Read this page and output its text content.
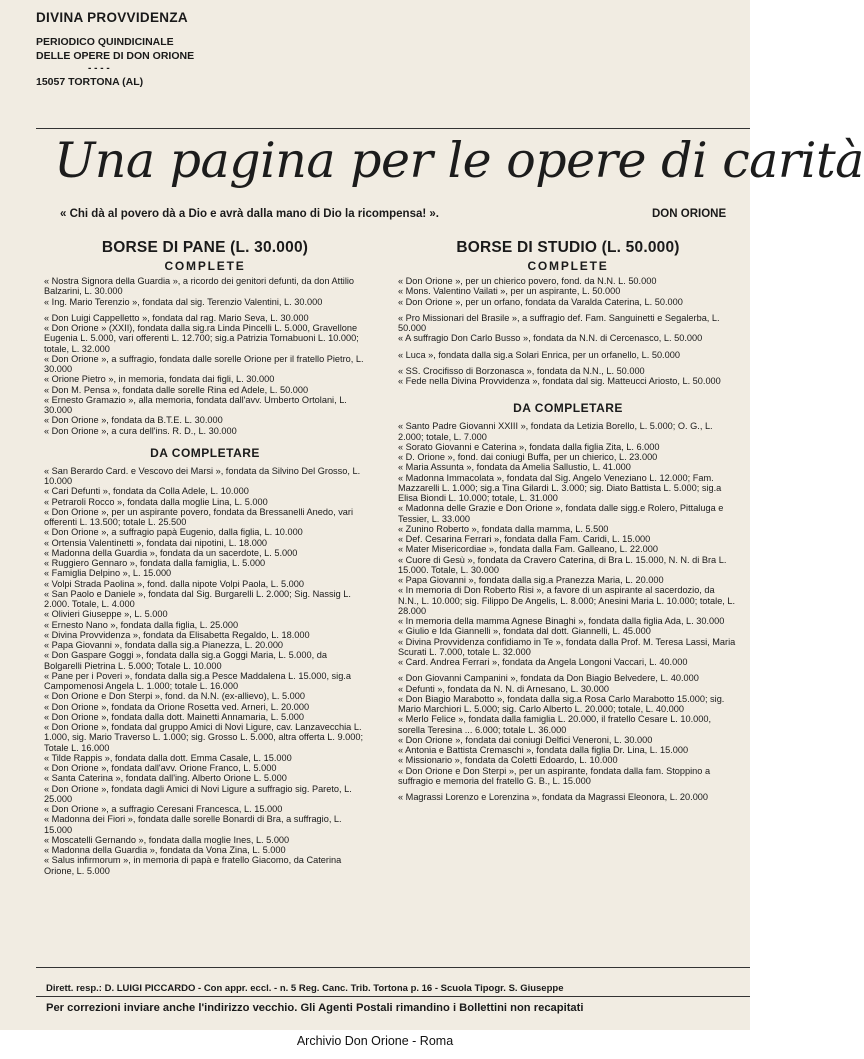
DIVINA PROVVIDENZA
PERIODICO QUINDICINALE
DELLE OPERE DI DON ORIONE
- - - -
15057 TORTONA (AL)
Una pagina per le opere di carità
« Chi dà al povero dà a Dio e avrà dalla mano di Dio la ricompensa! ».	DON ORIONE
BORSE DI PANE (L. 30.000)
COMPLETE
« Nostra Signora della Guardia », a ricordo dei genitori defunti, da don Attilio Balzarini, L. 30.000
« Ing. Mario Terenzio », fondata dal sig. Terenzio Valentini, L. 30.000
« Don Luigi Cappelletto », fondata dal rag. Mario Seva, L. 30.000
« Don Orione » (XXII), fondata dalla sig.ra Linda Pincelli L. 5.000, Gravellone Eugenia L. 5.000, vari offerenti L. 12.700; sig.a Patrizia Tornabuoni L. 10.000; totale, L. 32.000
« Don Orione », a suffragio, fondata dalle sorelle Orione per il fratello Pietro, L. 30.000
« Orione Pietro », in memoria, fondata dai figli, L. 30.000
« Don M. Pensa », fondata dalle sorelle Rina ed Adele, L. 50.000
« Ernesto Gramazio », alla memoria, fondata dall'avv. Umberto Ortolani, L. 30.000
« Don Orione », fondata da B.T.E. L. 30.000
« Don Orione », a cura dell'ins. R. D., L. 30.000
DA COMPLETARE
« San Berardo Card. e Vescovo dei Marsi », fondata da Silvino Del Grosso, L. 10.000
« Cari Defunti », fondata da Colla Adele, L. 10.000
« Petraroli Rocco », fondata dalla moglie Lina, L. 5.000
« Don Orione », per un aspirante povero, fondata da Bressanelli Anedo, vari offerenti L. 13.500; totale L. 25.500
« Don Orione », a suffragio papà Eugenio, dalla figlia, L. 10.000
« Ortensia Valentinetti », fondata dai nipotini, L. 18.000
« Madonna della Guardia », fondata da un sacerdote, L. 5.000
« Ruggiero Gennaro », fondata dalla famiglia, L. 5.000
« Famiglia Delpino », L. 15.000
« Volpi Strada Paolina », fond. dalla nipote Volpi Paola, L. 5.000
« San Paolo e Daniele », fondata dal Sig. Burgarelli L. 2.000; Sig. Nassig L. 2.000. Totale, L. 4.000
« Olivieri Giuseppe », L. 5.000
« Ernesto Nano », fondata dalla figlia, L. 25.000
« Divina Provvidenza », fondata da Elisabetta Regaldo, L. 18.000
« Papa Giovanni », fondata dalla sig.a Pianezza, L. 20.000
« Don Gaspare Goggi », fondata dalla sig.a Goggi Maria, L. 5.000, da Bolgarelli Pietrina L. 5.000; Totale L. 10.000
« Pane per i Poveri », fondata dalla sig.a Pesce Maddalena L. 15.000, sig.a Campomenosi Angela L. 1.000; totale L. 16.000
« Don Orione e Don Sterpi », fond. da N.N. (ex-allievo), L. 5.000
« Don Orione », fondata da Orione Rosetta ved. Arneri, L. 20.000
« Don Orione », fondata dalla dott. Mainetti Annamaria, L. 5.000
« Don Orione », fondata dal gruppo Amici di Novi Ligure, cav. Lanzavecchia L. 1.000, sig. Mario Traverso L. 1.000; sig. Grosso L. 5.000, altra offerta L. 9.000; Totale L. 16.000
« Tilde Rappis », fondata dalla dott. Emma Casale, L. 15.000
« Don Orione », fondata dall'avv. Orione Franco, L. 5.000
« Santa Caterina », fondata dall'ing. Alberto Orione L. 5.000
« Don Orione », fondata dagli Amici di Novi Ligure a suffragio sig. Pareto, L. 25.000
« Don Orione », a suffragio Ceresani Francesca, L. 15.000
« Madonna dei Fiori », fondata dalle sorelle Bonardi di Bra, a suffragio, L. 15.000
« Moscatelli Gernando », fondata dalla moglie Ines, L. 5.000
« Madonna della Guardia », fondata da Vona Zina, L. 5.000
« Salus infirmorum », in memoria di papà e fratello Giacomo, da Caterina Orione, L. 5.000
BORSE DI STUDIO (L. 50.000)
COMPLETE
« Don Orione », per un chierico povero, fond. da N.N. L. 50.000
« Mons. Valentino Vailati », per un aspirante, L. 50.000
« Don Orione », per un orfano, fondata da Varalda Caterina, L. 50.000
« Pro Missionari del Brasile », a suffragio def. Fam. Sanguinetti e Segalerba, L. 50.000
« A suffragio Don Carlo Busso », fondata da N.N. di Cercenasco, L. 50.000
« Luca », fondata dalla sig.a Solari Enrica, per un orfanello, L. 50.000
« SS. Crocifisso di Borzonasca », fondata da N.N., L. 50.000
« Fede nella Divina Provvidenza », fondata dal sig. Matteucci Ariosto, L. 50.000
DA COMPLETARE
« Santo Padre Giovanni XXIII », fondata da Letizia Borello, L. 5.000; O. G., L. 2.000; totale, L. 7.000
« Sorato Giovanni e Caterina », fondata dalla figlia Zita, L. 6.000
« D. Orione », fond. dai coniugi Buffa, per un chierico, L. 23.000
« Maria Assunta », fondata da Amelia Sallustio, L. 41.000
« Madonna Immacolata », fondata dal Sig. Angelo Veneziano L. 12.000; Fam. Mazzarelli L. 1.000; sig.a Tina Gilardi L. 3.000; sig. Diato Battista L. 5.000; sig.a Elisa Biondi L. 10.000; totale, L. 31.000
« Madonna delle Grazie e Don Orione », fondata dalle sigg.e Rolero, Pittaluga e Tessier, L. 33.000
« Zunino Roberto », fondata dalla mamma, L. 5.500
« Def. Cesarina Ferrari », fondata dalla Fam. Caridi, L. 15.000
« Mater Misericordiae », fondata dalla Fam. Galleano, L. 22.000
« Cuore di Gesù », fondata da Cravero Caterina, di Bra L. 15.000, N. N. di Bra L. 15.000. Totale, L. 30.000
« Papa Giovanni », fondata dalla sig.a Pranezza Maria, L. 20.000
« In memoria di Don Roberto Risi », a favore di un aspirante al sacerdozio, da N.N., L. 10.000; sig. Filippo De Angelis, L. 8.000; Anesini Maria L. 10.000; totale, L. 28.000
« In memoria della mamma Agnese Binaghi », fondata dalla figlia Ada, L. 30.000
« Giulio e Ida Giannelli », fondata dal dott. Giannelli, L. 45.000
« Divina Provvidenza confidiamo in Te », fondata dalla Prof. M. Teresa Lassi, Maria Scurati L. 7.000, totale L. 32.000
« Card. Andrea Ferrari », fondata da Angela Longoni Vaccari, L. 40.000
« Don Giovanni Campanini », fondata da Don Biagio Belvedere, L. 40.000
« Defunti », fondata da N. N. di Arnesano, L. 30.000
« Don Biagio Marabotto », fondata dalla sig.a Rosa Carlo Marabotto 15.000; sig. Mario Marchiori L. 5.000; sig. Carlo Alberto L. 20.000; totale, L. 40.000
« Merlo Felice », fondata dalla famiglia L. 20.000, il fratello Cesare L. 10.000, sorella Teresina ... 6.000; totale L. 36.000
« Don Orione », fondata dai coniugi Delfici Veneroni, L. 30.000
« Antonia e Battista Cremaschi », fondata dalla figlia Dr. Lina, L. 15.000
« Missionario », fondata da Coletti Edoardo, L. 10.000
« Don Orione e Don Sterpi », per un aspirante, fondata dalla fam. Stoppino a suffragio e memoria del fratello G. B., L. 15.000
« Magrassi Lorenzo e Lorenzina », fondata da Magrassi Eleonora, L. 20.000
Dirett. resp.: D. LUIGI PICCARDO - Con appr. eccl. - n. 5 Reg. Canc. Trib. Tortona p. 16 - Scuola Tipogr. S. Giuseppe
Per correzioni inviare anche l'indirizzo vecchio. Gli Agenti Postali rimandino i Bollettini non recapitati
Archivio Don Orione - Roma
